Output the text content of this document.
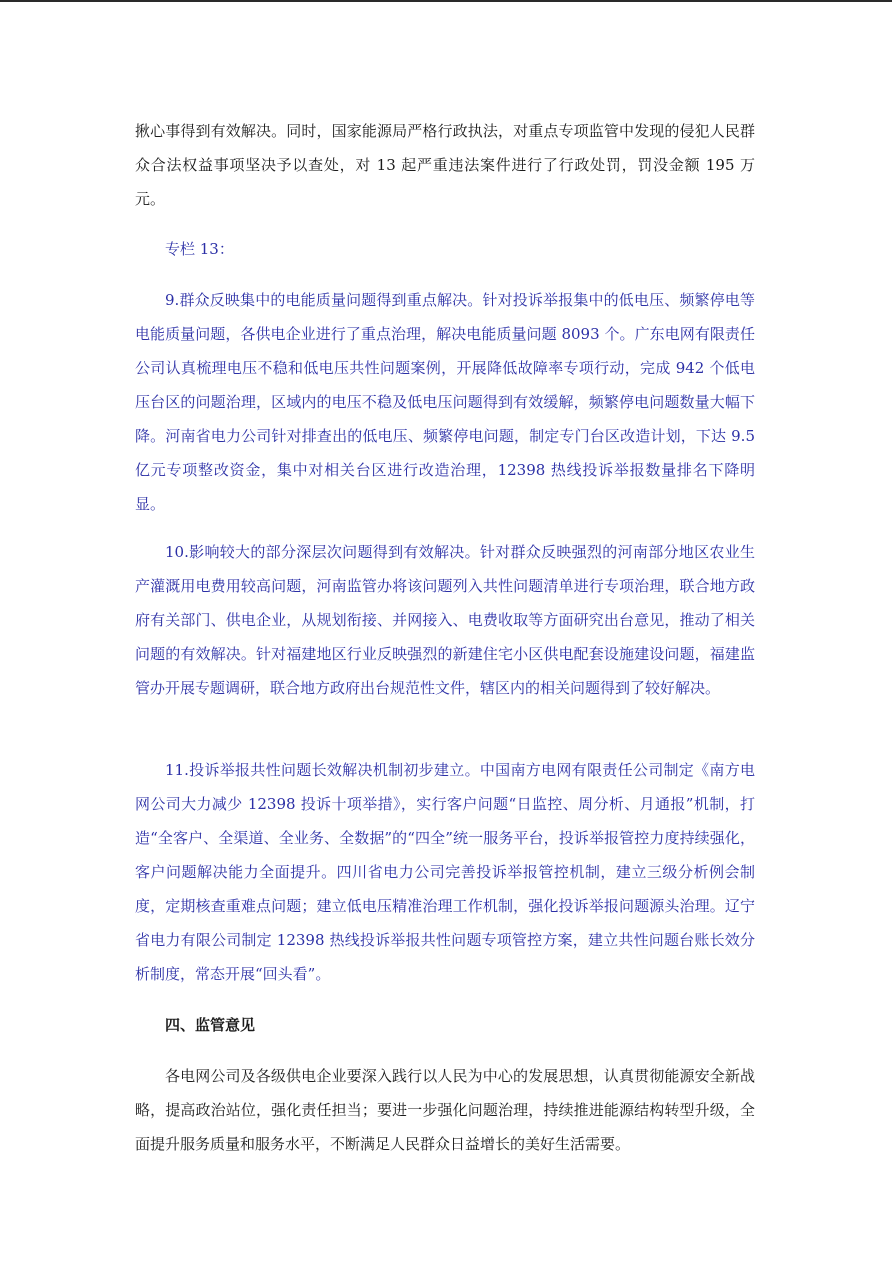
揪心事得到有效解决。同时，国家能源局严格行政执法，对重点专项监管中发现的侵犯人民群众合法权益事项坚决予以查处，对 13 起严重违法案件进行了行政处罚，罚没金额 195 万元。

专栏 13：

9.群众反映集中的电能质量问题得到重点解决。针对投诉举报集中的低电压、频繁停电等电能质量问题，各供电企业进行了重点治理，解决电能质量问题 8093 个。广东电网有限责任公司认真梳理电压不稳和低电压共性问题案例，开展降低故障率专项行动，完成 942 个低电压台区的问题治理，区域内的电压不稳及低电压问题得到有效缓解，频繁停电问题数量大幅下降。河南省电力公司针对排查出的低电压、频繁停电问题，制定专门台区改造计划，下达 9.5 亿元专项整改资金，集中对相关台区进行改造治理，12398 热线投诉举报数量排名下降明显。

10.影响较大的部分深层次问题得到有效解决。针对群众反映强烈的河南部分地区农业生产灌溉用电费用较高问题，河南监管办将该问题列入共性问题清单进行专项治理，联合地方政府有关部门、供电企业，从规划衔接、并网接入、电费收取等方面研究出台意见，推动了相关问题的有效解决。针对福建地区行业反映强烈的新建住宅小区供电配套设施建设问题，福建监管办开展专题调研，联合地方政府出台规范性文件，辖区内的相关问题得到了较好解决。

11.投诉举报共性问题长效解决机制初步建立。中国南方电网有限责任公司制定《南方电网公司大力减少 12398 投诉十项举措》，实行客户问题“日监控、周分析、月通报”机制，打造“全客户、全渠道、全业务、全数据”的“四全”统一服务平台，投诉举报管控力度持续强化，客户问题解决能力全面提升。四川省电力公司完善投诉举报管控机制，建立三级分析例会制度，定期核查重难点问题；建立低电压精准治理工作机制，强化投诉举报问题源头治理。辽宁省电力有限公司制定 12398 热线投诉举报共性问题专项管控方案，建立共性问题台账长效分析制度，常态开展“回头看”。

四、监管意见

各电网公司及各级供电企业要深入践行以人民为中心的发展思想，认真贯彻能源安全新战略，提高政治站位，强化责任担当；要进一步强化问题治理，持续推进能源结构转型升级，全面提升服务质量和服务水平，不断满足人民群众日益增长的美好生活需要。
